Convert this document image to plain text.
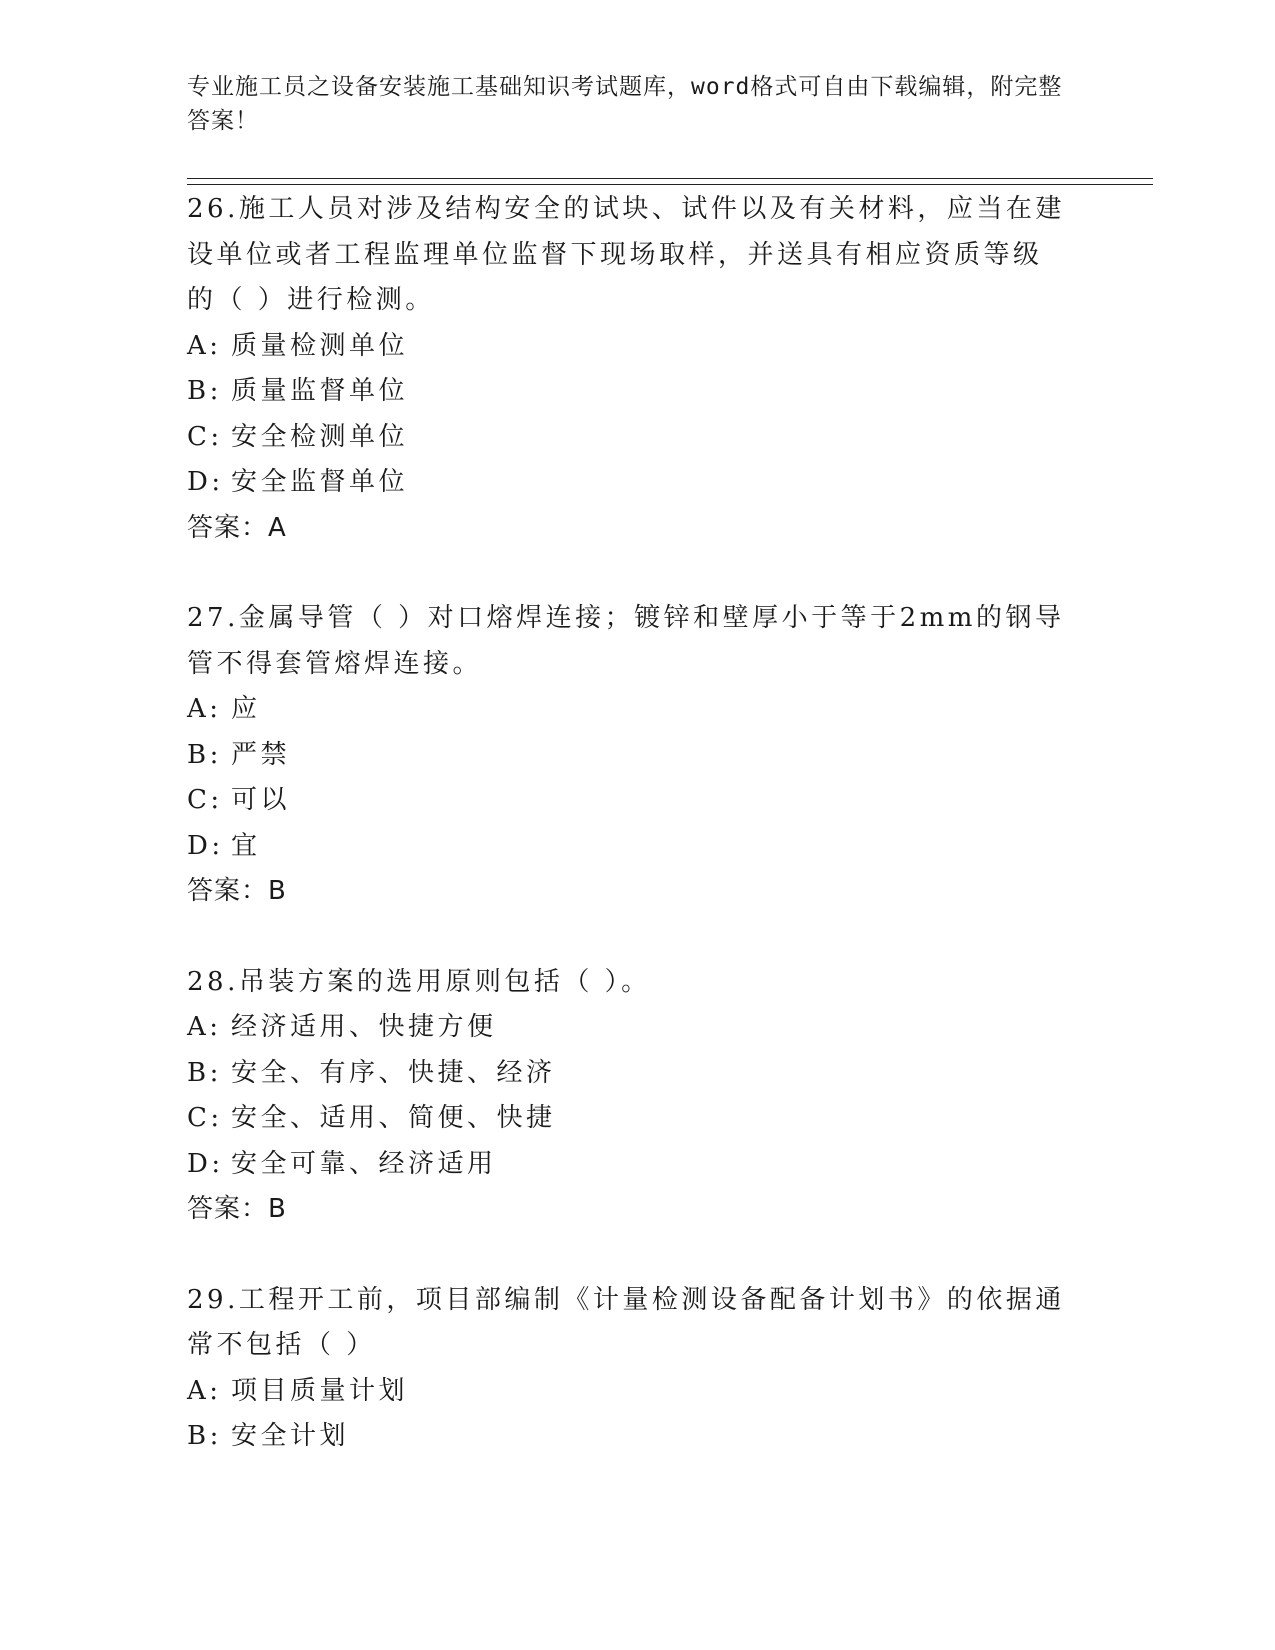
专业施工员之设备安装施工基础知识考试题库，word格式可自由下载编辑，附完整答案！

26.施工人员对涉及结构安全的试块、试件以及有关材料，应当在建设单位或者工程监理单位监督下现场取样，并送具有相应资质等级的（ ）进行检测。

A: 质量检测单位

B: 质量监督单位

C: 安全检测单位

D: 安全监督单位

答案：A

27.金属导管（ ）对口熔焊连接；镀锌和壁厚小于等于2mm的钢导管不得套管熔焊连接。

A: 应

B: 严禁

C: 可以

D: 宜

答案：B

28.吊装方案的选用原则包括（ ）。

A: 经济适用、快捷方便

B: 安全、有序、快捷、经济

C: 安全、适用、简便、快捷

D: 安全可靠、经济适用

答案：B

29.工程开工前，项目部编制《计量检测设备配备计划书》的依据通常不包括（ ）

A: 项目质量计划

B: 安全计划
